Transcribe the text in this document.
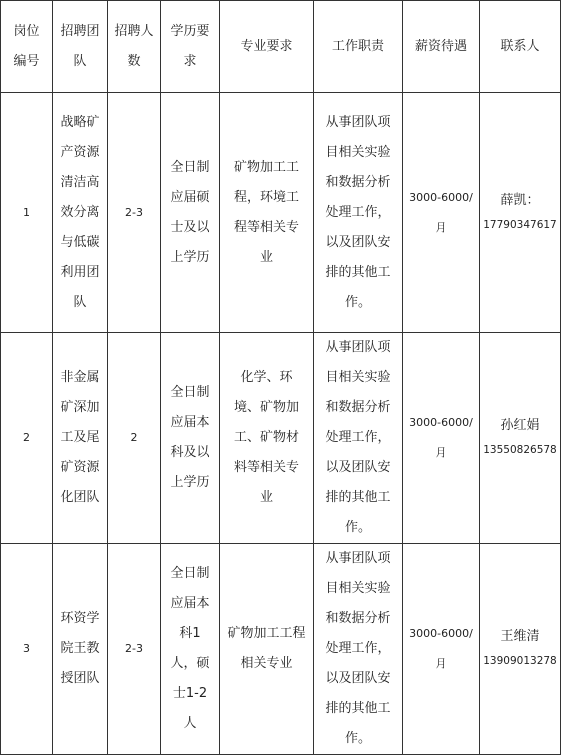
岗位编号	招聘团队	招聘人数	学历要求	专业要求	工作职责	薪资待遇	联系人
1	战略矿产资源清洁高效分离与低碳利用团队	2-3	全日制应届硕士及以上学历	矿物加工工程，环境工程等相关专业	从事团队项目相关实验和数据分析处理工作，以及团队安排的其他工作。	3000-6000/月	薛凯：
17790347617

2	非金属矿深加工及尾矿资源化团队	2	全日制应届本科及以上学历	化学、环境、矿物加工、矿物材料等相关专业	从事团队项目相关实验和数据分析处理工作，以及团队安排的其他工作。	3000-6000/月	孙红娟
13550826578

3	环资学院王教授团队	2-3	全日制应届本科1人，硕士1-2人	矿物加工工程相关专业	从事团队项目相关实验和数据分析处理工作，以及团队安排的其他工作。	3000-6000/月	王维清
13909013278
